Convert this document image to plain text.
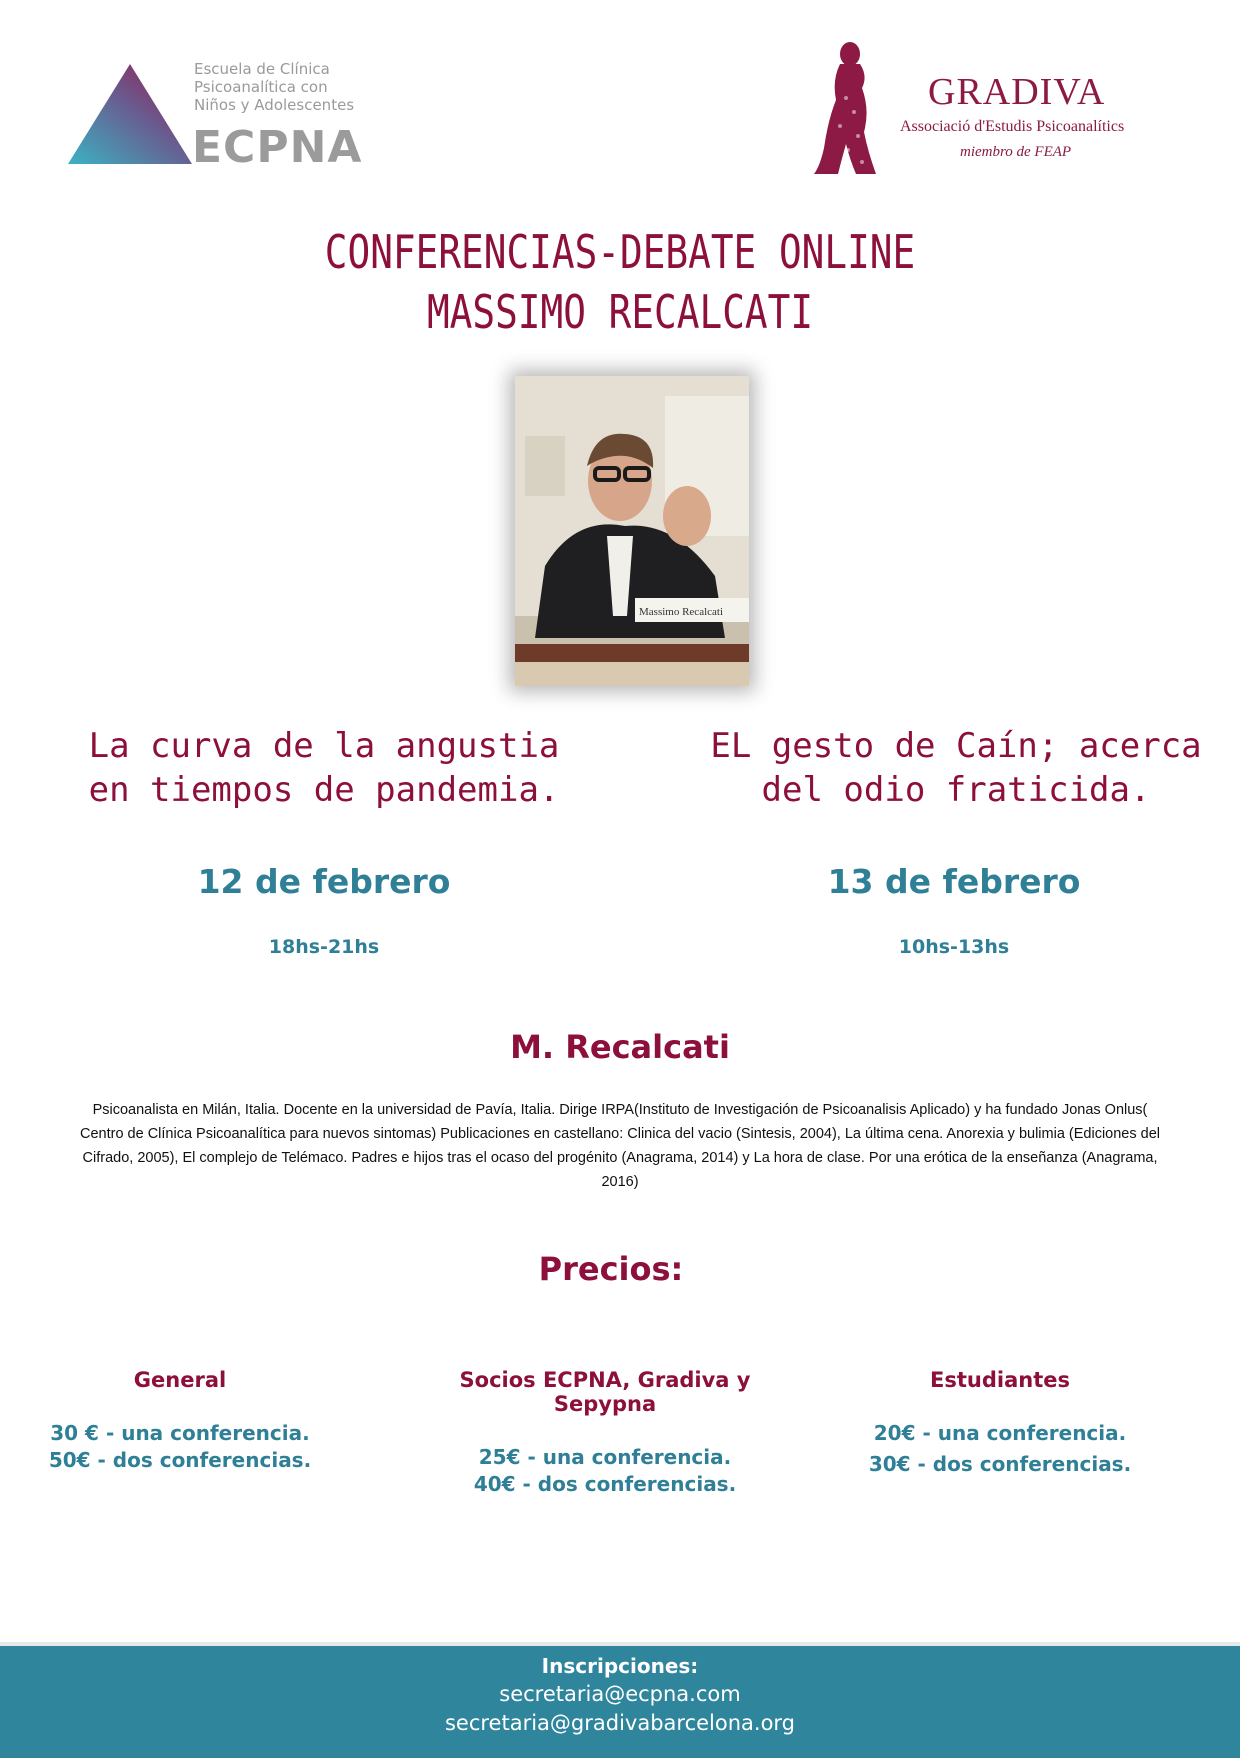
Escuela de Clínica
Psicoanalítica con
Niños y Adolescentes
ECPNA
GRADIVA
Associació d'Estudis Psicoanalítics
miembro de FEAP
CONFERENCIAS-DEBATE ONLINE
MASSIMO RECALCATI
Massimo Recalcati
La curva de la angustia
en tiempos de pandemia.
EL gesto de Caín; acerca
del odio fraticida.
12 de febrero	13 de febrero
18hs-21hs	10hs-13hs
M. Recalcati
Psicoanalista en Milán, Italia. Docente en la universidad de Pavía, Italia. Dirige IRPA(Instituto de Investigación de Psicoanalisis Aplicado) y ha fundado Jonas Onlus( Centro de Clínica Psicoanalítica para nuevos sintomas) Publicaciones en castellano: Clinica del vacio (Sintesis, 2004), La última cena. Anorexia y bulimia (Ediciones del Cifrado, 2005), El complejo de Telémaco. Padres e hijos tras el ocaso del progénito (Anagrama, 2014) y La hora de clase. Por una erótica de la enseñanza (Anagrama, 2016)
Precios:
General
30 € - una conferencia.
50€ - dos conferencias.
Socios ECPNA, Gradiva y Sepypna
25€ - una conferencia.
40€ - dos conferencias.
Estudiantes
20€ - una conferencia.
30€ - dos conferencias.
Inscripciones:
secretaria@ecpna.com
secretaria@gradivabarcelona.org
